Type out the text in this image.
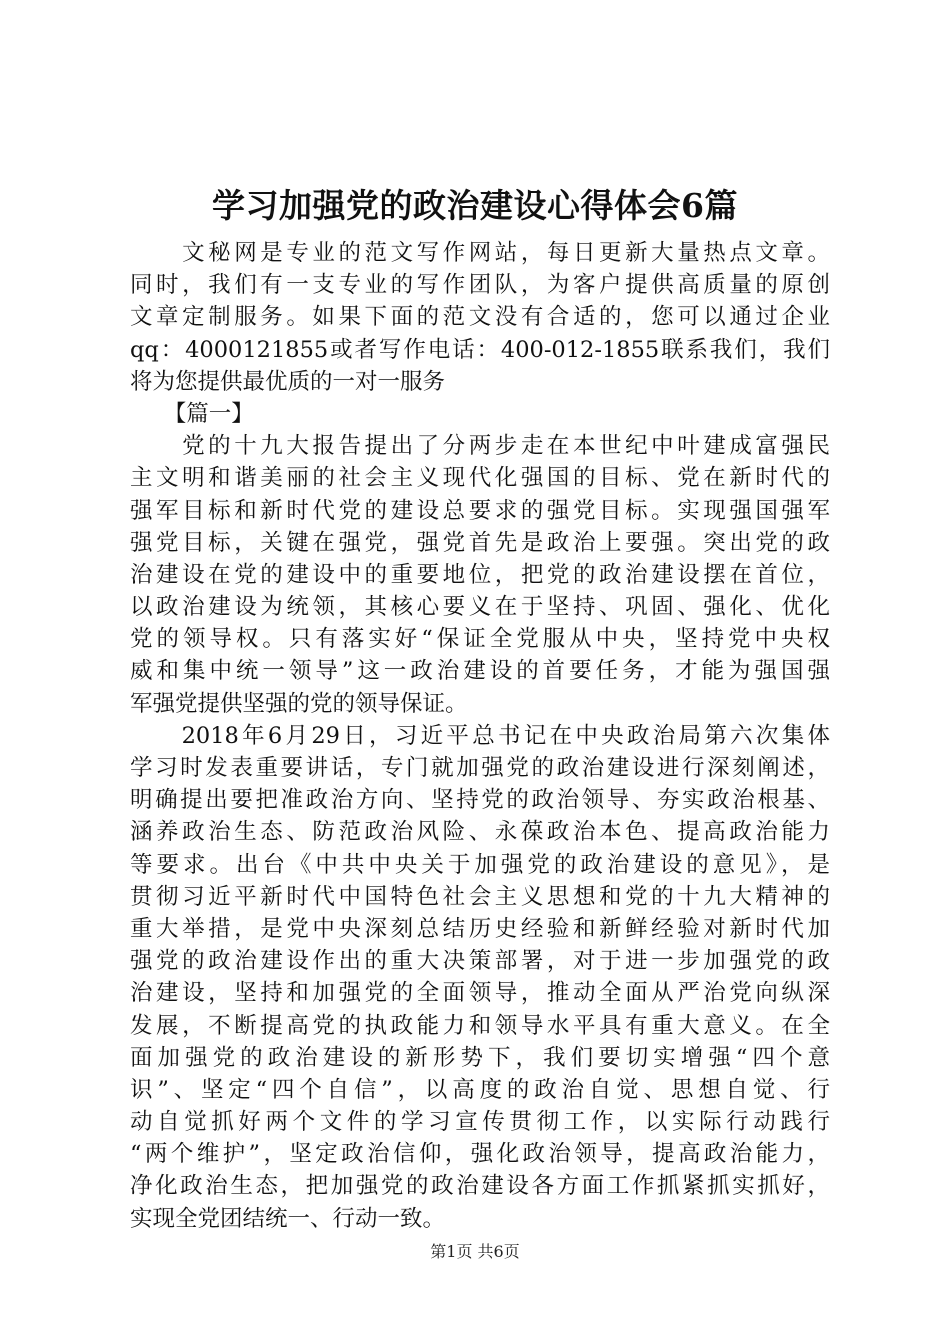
学习加强党的政治建设心得体会6篇
　　文秘网是专业的范文写作网站，每日更新大量热点文章。
同时，我们有一支专业的写作团队，为客户提供高质量的原创
文章定制服务。如果下面的范文没有合适的，您可以通过企业
qq：4000121855或者写作电话：400-012-1855联系我们，我们
将为您提供最优质的一对一服务
　　【篇一】
　　党的十九大报告提出了分两步走在本世纪中叶建成富强民
主文明和谐美丽的社会主义现代化强国的目标、党在新时代的
强军目标和新时代党的建设总要求的强党目标。实现强国强军
强党目标，关键在强党，强党首先是政治上要强。突出党的政
治建设在党的建设中的重要地位，把党的政治建设摆在首位，
以政治建设为统领，其核心要义在于坚持、巩固、强化、优化
党的领导权。只有落实好“保证全党服从中央，坚持党中央权
威和集中统一领导”这一政治建设的首要任务，才能为强国强
军强党提供坚强的党的领导保证。
　　2018年6月29日，习近平总书记在中央政治局第六次集体
学习时发表重要讲话，专门就加强党的政治建设进行深刻阐述，
明确提出要把准政治方向、坚持党的政治领导、夯实政治根基、
涵养政治生态、防范政治风险、永葆政治本色、提高政治能力
等要求。出台《中共中央关于加强党的政治建设的意见》，是
贯彻习近平新时代中国特色社会主义思想和党的十九大精神的
重大举措，是党中央深刻总结历史经验和新鲜经验对新时代加
强党的政治建设作出的重大决策部署，对于进一步加强党的政
治建设，坚持和加强党的全面领导，推动全面从严治党向纵深
发展，不断提高党的执政能力和领导水平具有重大意义。在全
面加强党的政治建设的新形势下，我们要切实增强“四个意
识”、坚定“四个自信”，以高度的政治自觉、思想自觉、行
动自觉抓好两个文件的学习宣传贯彻工作，以实际行动践行
“两个维护”，坚定政治信仰，强化政治领导，提高政治能力，
净化政治生态，把加强党的政治建设各方面工作抓紧抓实抓好，
实现全党团结统一、行动一致。
第1页 共6页
